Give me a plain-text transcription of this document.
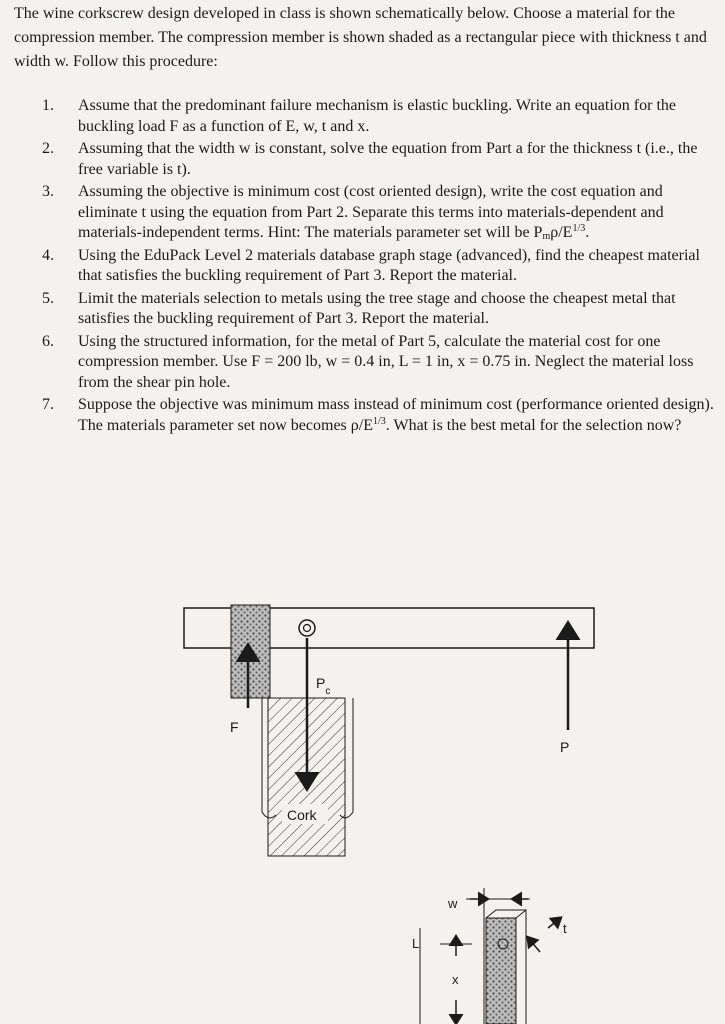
The wine corkscrew design developed in class is shown schematically below. Choose a material for the compression member. The compression member is shown shaded as a rectangular piece with thickness t and width w. Follow this procedure:

1. Assume that the predominant failure mechanism is elastic buckling. Write an equation for the buckling load F as a function of E, w, t and x.
2. Assuming that the width w is constant, solve the equation from Part a for the thickness t (i.e., the free variable is t).
3. Assuming the objective is minimum cost (cost oriented design), write the cost equation and eliminate t using the equation from Part 2. Separate this terms into materials-dependent and materials-independent terms. Hint: The materials parameter set will be $P_m\rho/E^{1/3}$.
4. Using the EduPack Level 2 materials database graph stage (advanced), find the cheapest material that satisfies the buckling requirement of Part 3. Report the material.
5. Limit the materials selection to metals using the tree stage and choose the cheapest metal that satisfies the buckling requirement of Part 3. Report the material.
6. Using the structured information, for the metal of Part 5, calculate the material cost for one compression member. Use F = 200 lb, w = 0.4 in, L = 1 in, x = 0.75 in. Neglect the material loss from the shear pin hole.
7. Suppose the objective was minimum mass instead of minimum cost (performance oriented design). The materials parameter set now becomes $\rho/E^{1/3}$. What is the best metal for the selection now?
Cork
$P_c$
F
P
w
t
L
x
